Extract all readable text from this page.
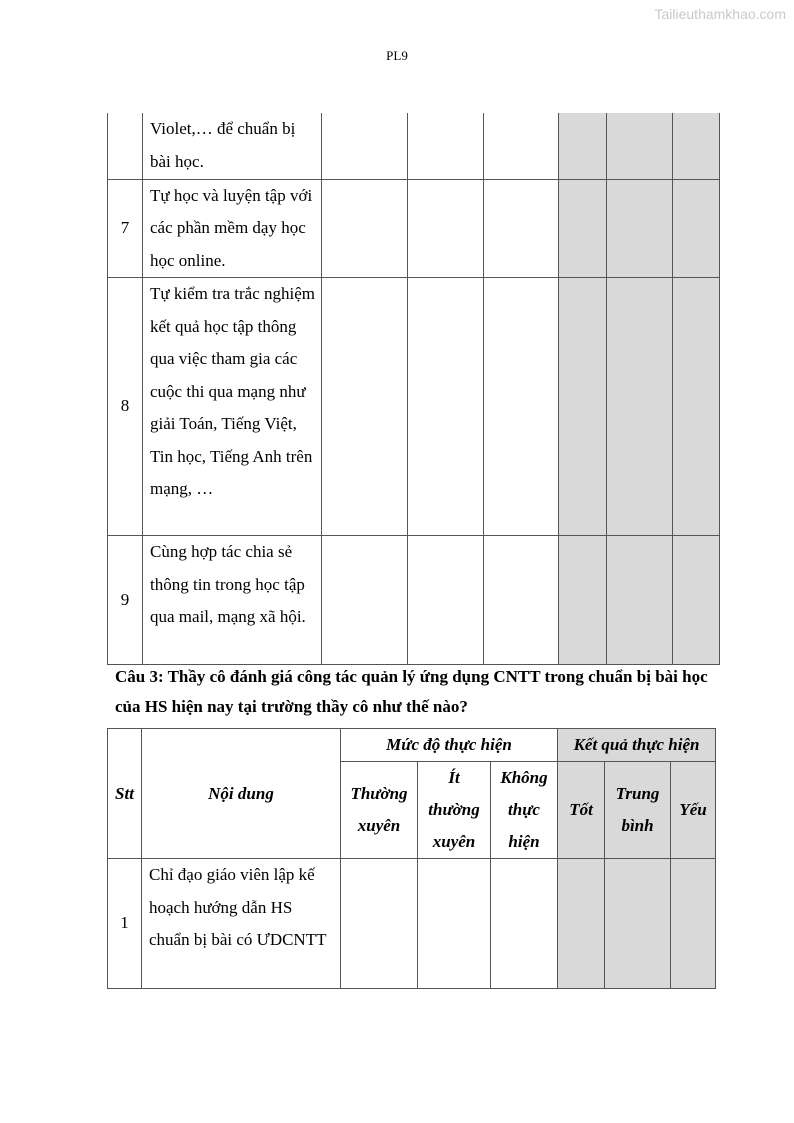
Tailieuthamkhao.com
PL9
	Violet,… để chuẩn bị bài học.						
7	Tự học và luyện tập với các phần mềm dạy học học online.						
8	Tự kiểm tra trắc nghiệm kết quả học tập thông qua việc tham gia các cuộc thi qua mạng như giải Toán, Tiếng Việt, Tin học, Tiếng Anh trên mạng, …						
9	Cùng hợp tác chia sẻ thông tin trong học tập qua mail, mạng xã hội.						
Câu 3: Thầy cô đánh giá công tác quản lý ứng dụng CNTT trong chuẩn bị bài học của HS hiện nay tại trường thầy cô như thế nào?
Stt	Nội dung	Mức độ thực hiện			Kết quả thực hiện		
		Thường xuyên	Ít thường xuyên	Không thực hiện	Tốt	Trung bình	Yếu
1	Chỉ đạo giáo viên lập kế hoạch hướng dẫn HS chuẩn bị bài có ƯDCNTT						
